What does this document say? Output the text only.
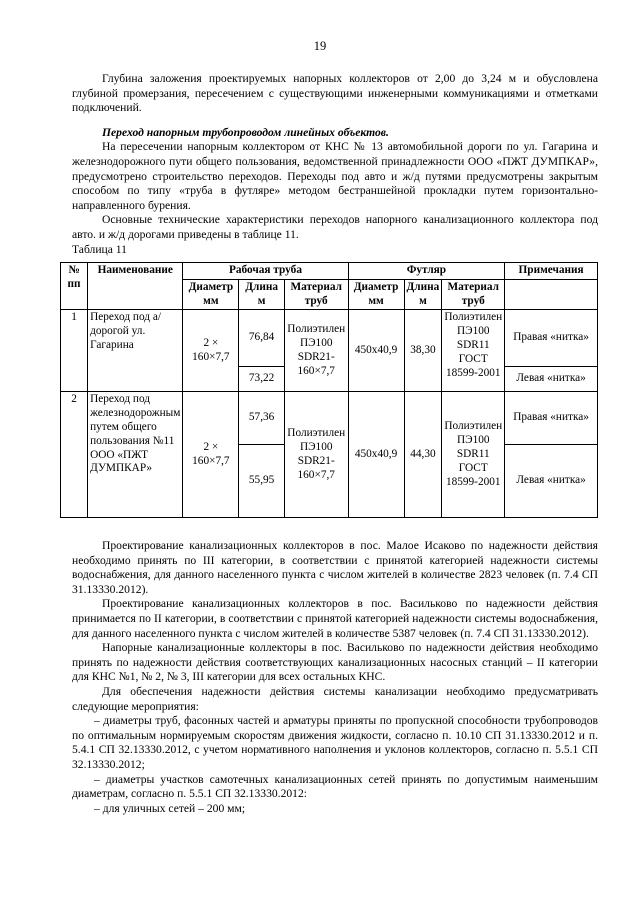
19

Глубина заложения проектируемых напорных коллекторов от 2,00 до 3,24 м и обусловлена глубиной промерзания, пересечением с существующими инженерными коммуникациями и отметками подключений.

Переход напорным трубопроводом линейных объектов.

На пересечении напорным коллектором от КНС № 13 автомобильной дороги по ул. Гагарина и железнодорожного пути общего пользования, ведомственной принадлежности ООО «ПЖТ ДУМПКАР», предусмотрено строительство переходов. Переходы под авто и ж/д путями предусмотрены закрытым способом по типу «труба в футляре» методом бестраншейной прокладки путем горизонтально-направленного бурения.

Основные технические характеристики переходов напорного канализационного коллектора под авто. и ж/д дорогами приведены в таблице 11.

Таблица 11

№ пп	Наименование	Рабочая труба			Футляр			Примечания
		Диаметр мм	Длина м	Материал труб	Диаметр мм	Длина м	Материал труб	
1	Переход под а/дорогой ул. Гагарина	2 × 160×7,7	76,84	Полиэтилен ПЭ100 SDR21-160×7,7	450х40,9	38,30	Полиэтилен ПЭ100 SDR11 ГОСТ 18599-2001	Правая «нитка»
			73,22					Левая «нитка»
2	Переход под железнодорожным путем общего пользования №11 ООО «ПЖТ ДУМПКАР»	2 × 160×7,7	57,36	Полиэтилен ПЭ100 SDR21-160×7,7	450х40,9	44,30	Полиэтилен ПЭ100 SDR11 ГОСТ 18599-2001	Правая «нитка»
			55,95					Левая «нитка»

Проектирование канализационных коллекторов в пос. Малое Исаково по надежности действия необходимо принять по III категории, в соответствии с принятой категорией надежности системы водоснабжения, для данного населенного пункта с числом жителей в количестве 2823 человек (п. 7.4 СП 31.13330.2012).

Проектирование канализационных коллекторов в пос. Васильково по надежности действия принимается по II категории, в соответствии с принятой категорией надежности системы водоснабжения, для данного населенного пункта с числом жителей в количестве 5387 человек (п. 7.4 СП 31.13330.2012).

Напорные канализационные коллекторы в пос. Васильково по надежности действия необходимо принять по надежности действия соответствующих канализационных насосных станций – II категории для КНС №1, № 2, № 3, III категории для всех остальных КНС.

Для обеспечения надежности действия системы канализации необходимо предусматривать следующие мероприятия:

– диаметры труб, фасонных частей и арматуры приняты по пропускной способности трубопроводов по оптимальным нормируемым скоростям движения жидкости, согласно п. 10.10 СП 31.13330.2012 и п. 5.4.1 СП 32.13330.2012, с учетом нормативного наполнения и уклонов коллекторов, согласно п. 5.5.1 СП 32.13330.2012;

– диаметры участков самотечных канализационных сетей принять по допустимым наименьшим диаметрам, согласно п. 5.5.1 СП 32.13330.2012:

– для уличных сетей – 200 мм;
